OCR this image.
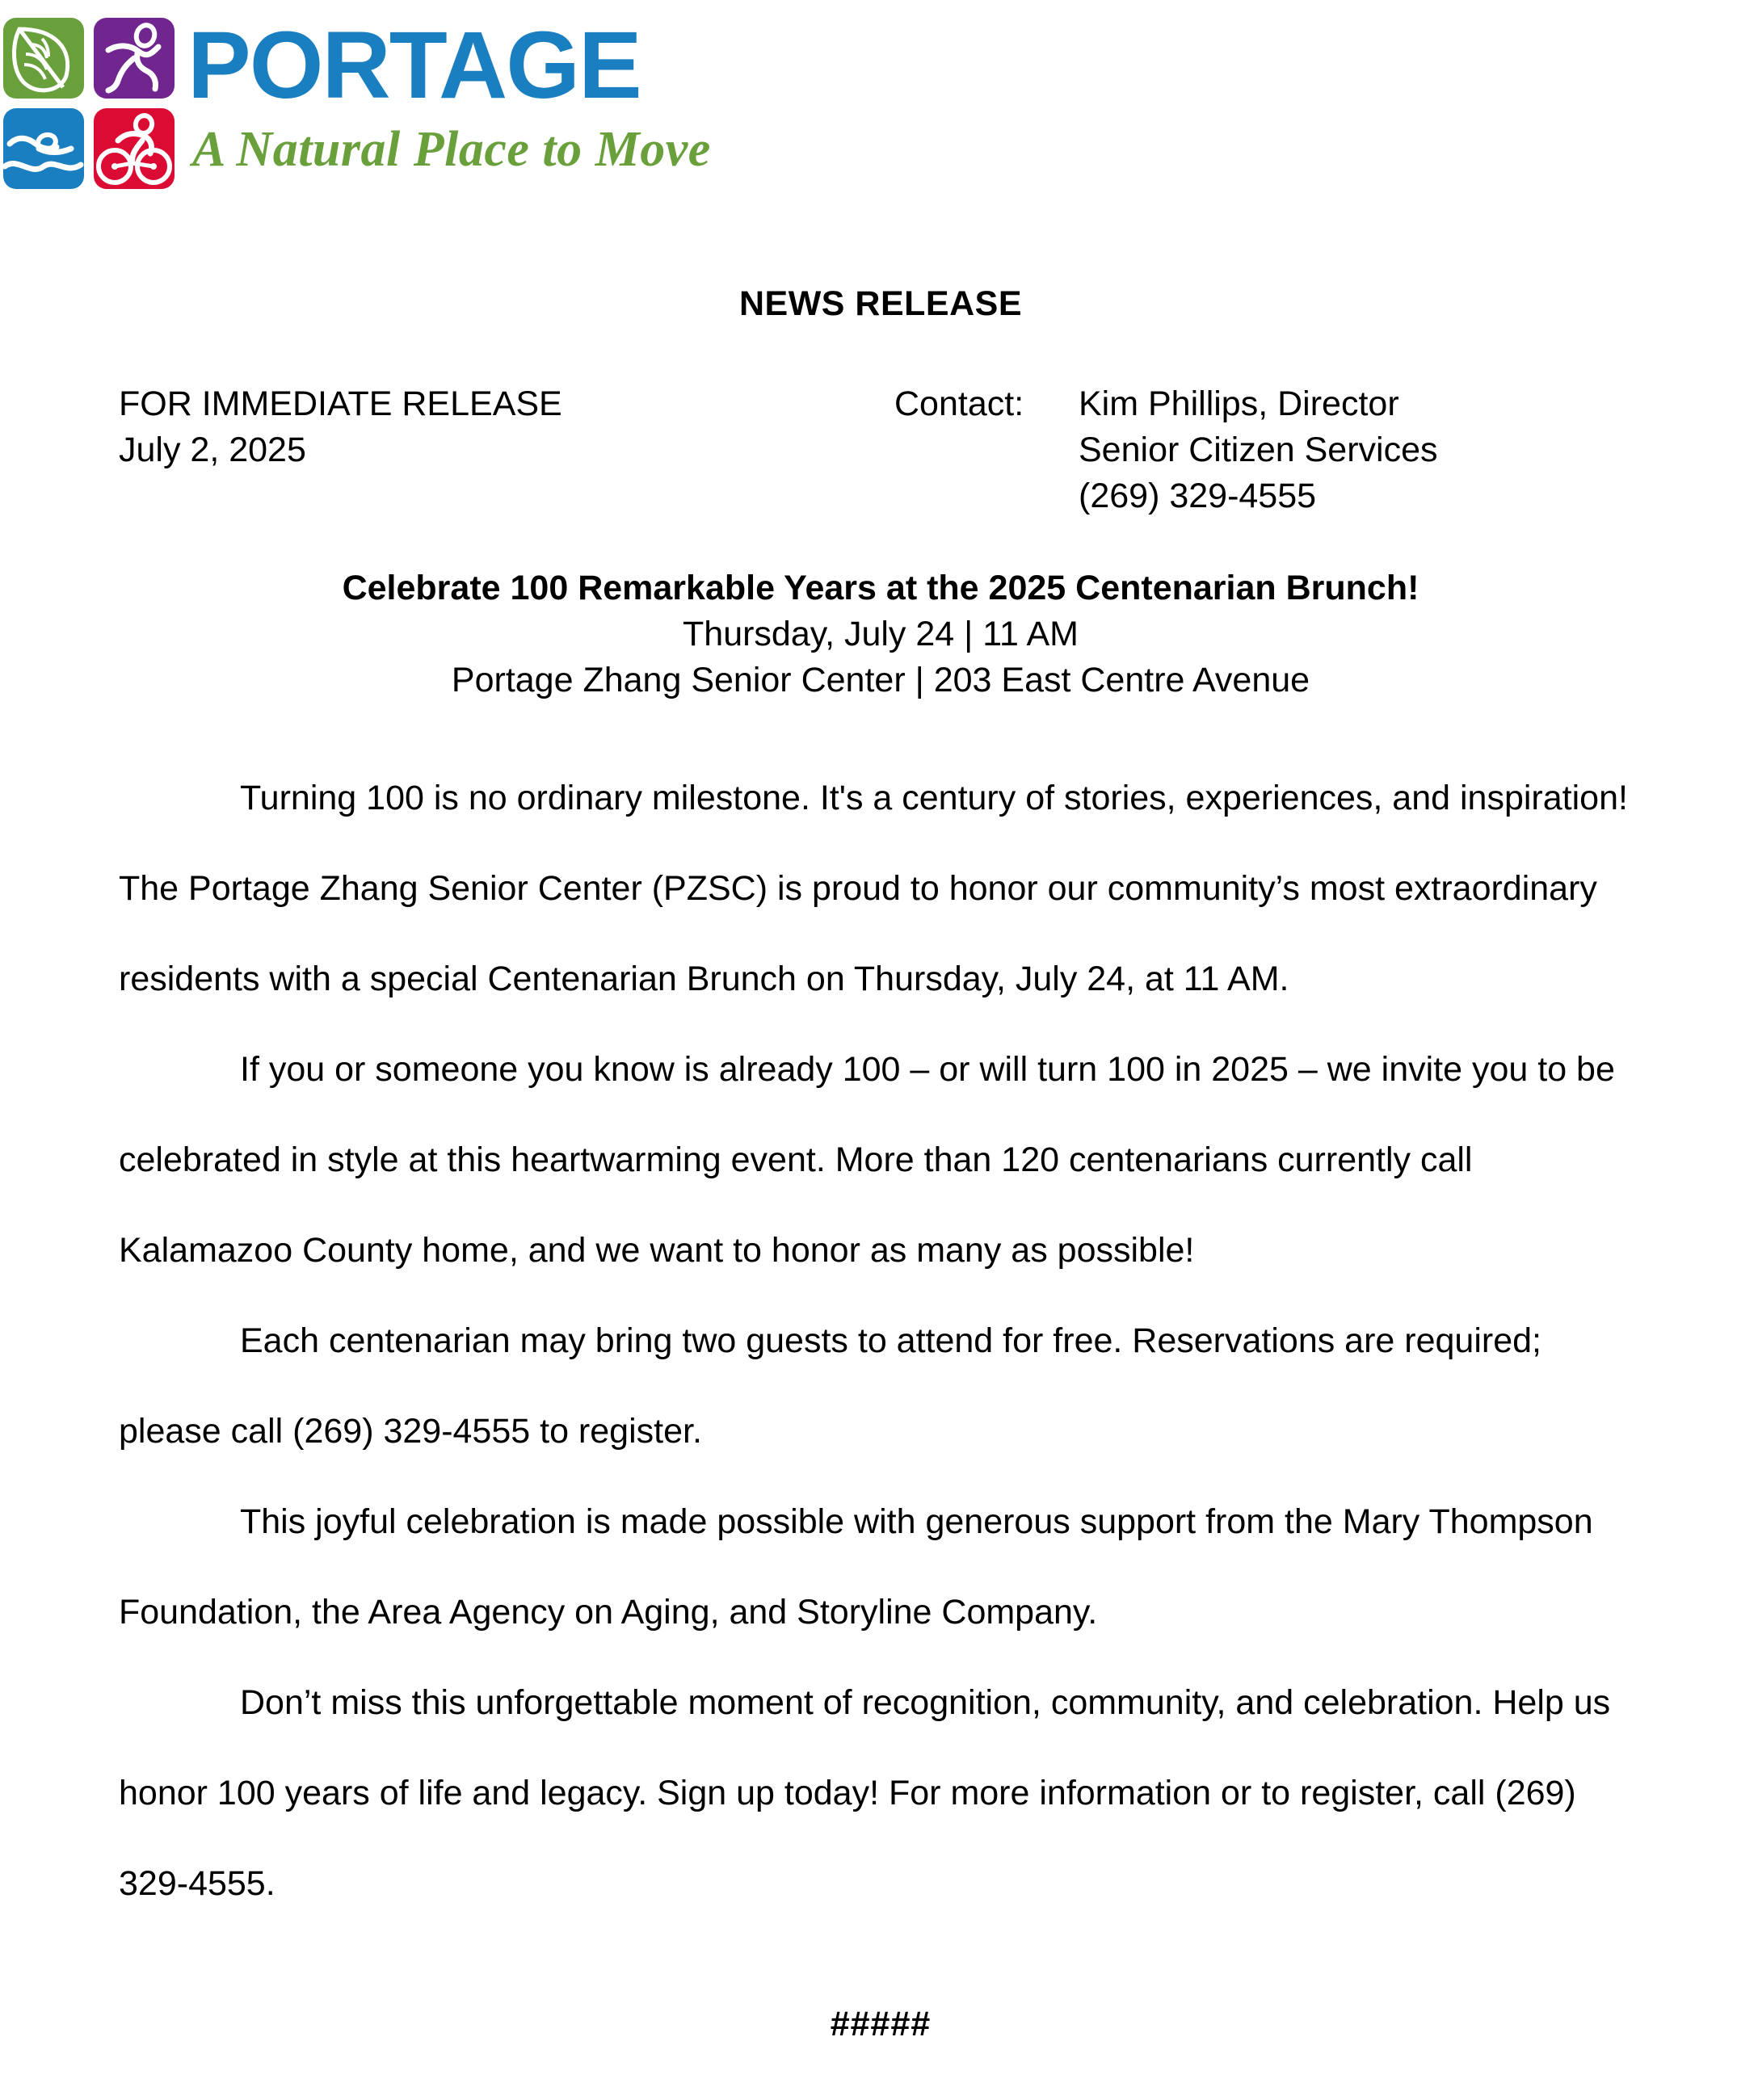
PORTAGE
A Natural Place to Move
NEWS RELEASE
FOR IMMEDIATE RELEASE
July 2, 2025
Contact:	Kim Phillips, Director
Senior Citizen Services
(269) 329-4555
Celebrate 100 Remarkable Years at the 2025 Centenarian Brunch!
Thursday, July 24 | 11 AM
Portage Zhang Senior Center | 203 East Centre Avenue

Turning 100 is no ordinary milestone. It's a century of stories, experiences, and inspiration! The Portage Zhang Senior Center (PZSC) is proud to honor our community’s most extraordinary residents with a special Centenarian Brunch on Thursday, July 24, at 11 AM.

If you or someone you know is already 100 – or will turn 100 in 2025 – we invite you to be celebrated in style at this heartwarming event. More than 120 centenarians currently call Kalamazoo County home, and we want to honor as many as possible!

Each centenarian may bring two guests to attend for free. Reservations are required; please call (269) 329-4555 to register.

This joyful celebration is made possible with generous support from the Mary Thompson Foundation, the Area Agency on Aging, and Storyline Company.

Don’t miss this unforgettable moment of recognition, community, and celebration. Help us honor 100 years of life and legacy. Sign up today! For more information or to register, call (269) 329-4555.

#####
